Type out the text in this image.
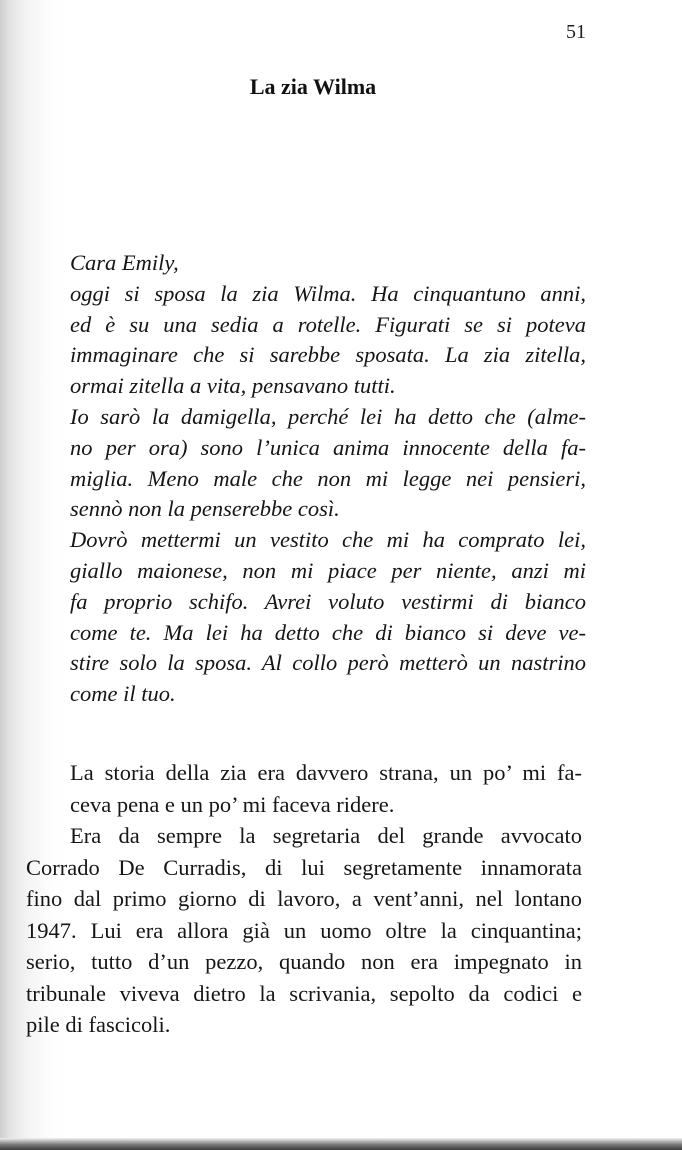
51
La zia Wilma
Cara Emily,
oggi si sposa la zia Wilma. Ha cinquantuno anni,
ed è su una sedia a rotelle. Figurati se si poteva
immaginare che si sarebbe sposata. La zia zitella,
ormai zitella a vita, pensavano tutti.
Io sarò la damigella, perché lei ha detto che (alme-
no per ora) sono l’unica anima innocente della fa-
miglia. Meno male che non mi legge nei pensieri,
sennò non la penserebbe così.
Dovrò mettermi un vestito che mi ha comprato lei,
giallo maionese, non mi piace per niente, anzi mi
fa proprio schifo. Avrei voluto vestirmi di bianco
come te. Ma lei ha detto che di bianco si deve ve-
stire solo la sposa. Al collo però metterò un nastrino
come il tuo.
La storia della zia era davvero strana, un po’ mi fa-
ceva pena e un po’ mi faceva ridere.
Era da sempre la segretaria del grande avvocato
Corrado De Curradis, di lui segretamente innamorata
fino dal primo giorno di lavoro, a vent’anni, nel lontano
1947. Lui era allora già un uomo oltre la cinquantina;
serio, tutto d’un pezzo, quando non era impegnato in
tribunale viveva dietro la scrivania, sepolto da codici e
pile di fascicoli.
